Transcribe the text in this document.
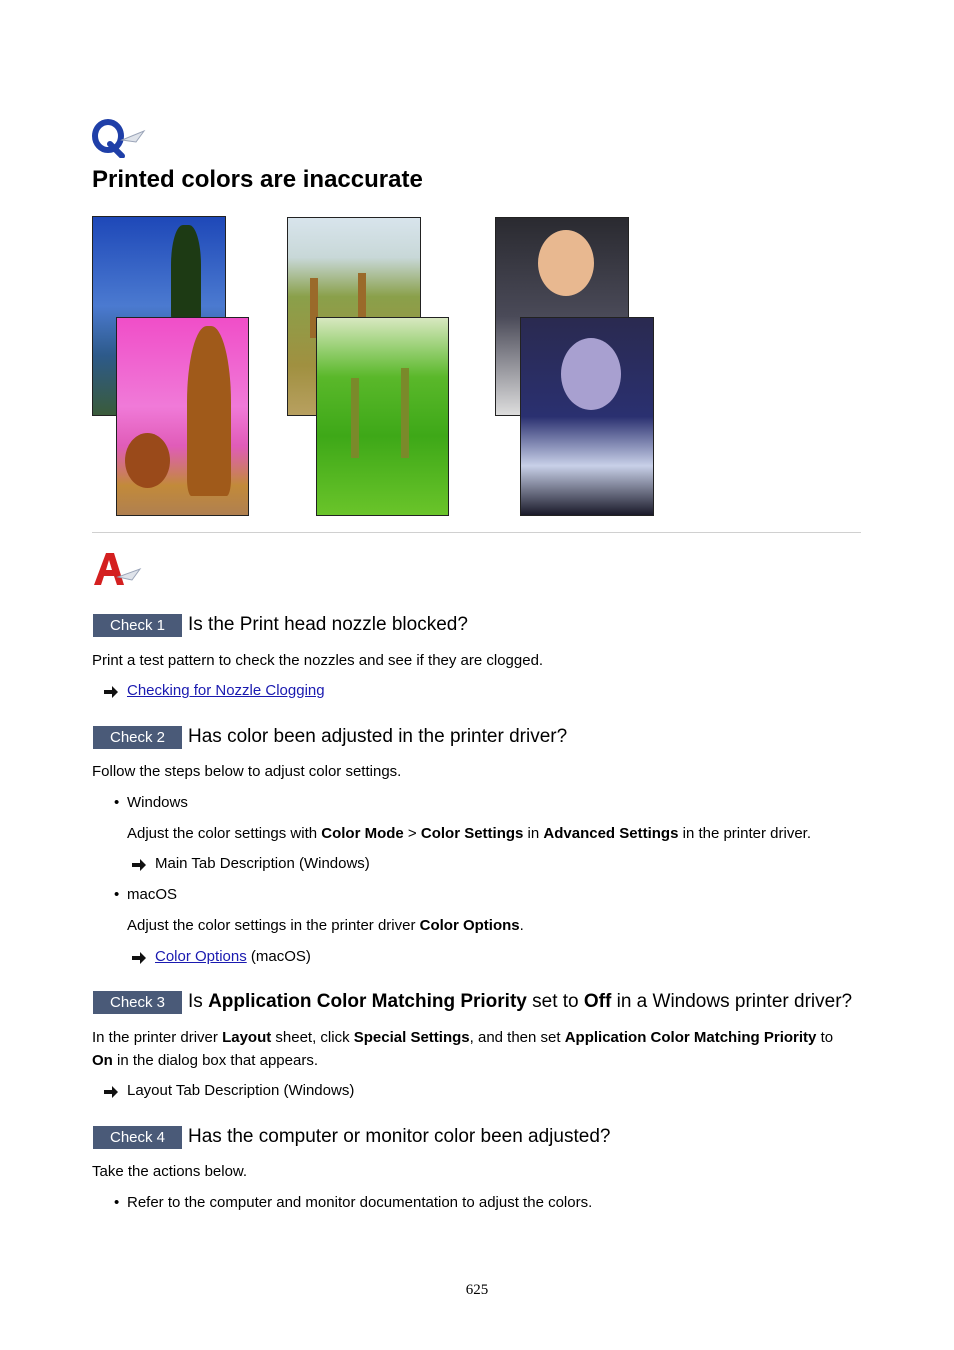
Printed colors are inaccurate
Check 1	Is the Print head nozzle blocked?
Print a test pattern to check the nozzles and see if they are clogged.
Checking for Nozzle Clogging
Check 2	Has color been adjusted in the printer driver?
Follow the steps below to adjust color settings.
• Windows
Adjust the color settings with Color Mode > Color Settings in Advanced Settings in the printer driver.
Main Tab Description (Windows)
• macOS
Adjust the color settings in the printer driver Color Options.
Color Options (macOS)
Check 3	Is Application Color Matching Priority set to Off in a Windows printer driver?
In the printer driver Layout sheet, click Special Settings, and then set Application Color Matching Priority to
On in the dialog box that appears.
Layout Tab Description (Windows)
Check 4	Has the computer or monitor color been adjusted?
Take the actions below.
• Refer to the computer and monitor documentation to adjust the colors.
625
